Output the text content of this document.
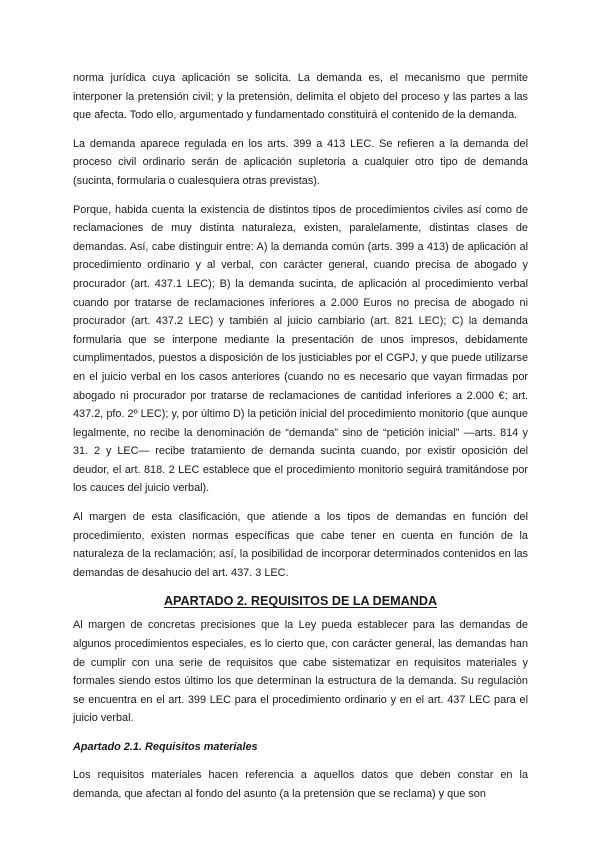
norma jurídica cuya aplicación se solicita. La demanda es, el mecanismo que permite interponer la pretensión civil; y la pretensión, delimita el objeto del proceso y las partes a las que afecta. Todo ello, argumentado y fundamentado constituirá el contenido de la demanda.

La demanda aparece regulada en los arts. 399 a 413 LEC. Se refieren a la demanda del proceso civil ordinario serán de aplicación supletoria a cualquier otro tipo de demanda (sucinta, formularia o cualesquiera otras previstas).

Porque, habida cuenta la existencia de distintos tipos de procedimientos civiles así como de reclamaciones de muy distinta naturaleza, existen, paralelamente, distintas clases de demandas. Así, cabe distinguir entre: A) la demanda común (arts. 399 a 413) de aplicación al procedimiento ordinario y al verbal, con carácter general, cuando precisa de abogado y procurador (art. 437.1 LEC); B) la demanda sucinta, de aplicación al procedimiento verbal cuando por tratarse de reclamaciones inferiores a 2.000 Euros no precisa de abogado ni procurador (art. 437.2 LEC) y también al juicio cambiario (art. 821 LEC); C) la demanda formularia que se interpone mediante la presentación de unos impresos, debidamente cumplimentados, puestos a disposición de los justiciables por el CGPJ, y que puede utilizarse en el juicio verbal en los casos anteriores (cuando no es necesario que vayan firmadas por abogado ni procurador por tratarse de reclamaciones de cantidad inferiores a 2.000 €; art. 437.2, pfo. 2º LEC); y, por último D) la petición inicial del procedimiento monitorio (que aunque legalmente, no recibe la denominación de “demanda” sino de “petición inicial” —arts. 814 y 31. 2 y LEC— recibe tratamiento de demanda sucinta cuando, por existir oposición del deudor, el art. 818. 2 LEC establece que el procedimiento monitorio seguirá tramitándose por los cauces del juicio verbal).

Al margen de esta clasificación, que atiende a los tipos de demandas en función del procedimiento, existen normas específicas que cabe tener en cuenta en función de la naturaleza de la reclamación; así, la posibilidad de incorporar determinados contenidos en las demandas de desahucio del art. 437. 3 LEC.

APARTADO 2. REQUISITOS DE LA DEMANDA

Al margen de concretas precisiones que la Ley pueda establecer para las demandas de algunos procedimientos especiales, es lo cierto que, con carácter general, las demandas han de cumplir con una serie de requisitos que cabe sistematizar en requisitos materiales y formales siendo estos último los que determinan la estructura de la demanda. Su regulación se encuentra en el art. 399 LEC para el procedimiento ordinario y en el art. 437 LEC para el juicio verbal.

Apartado 2.1. Requisitos materiales

Los requisitos materiales hacen referencia a aquellos datos que deben constar en la demanda, que afectan al fondo del asunto (a la pretensión que se reclama) y que son
